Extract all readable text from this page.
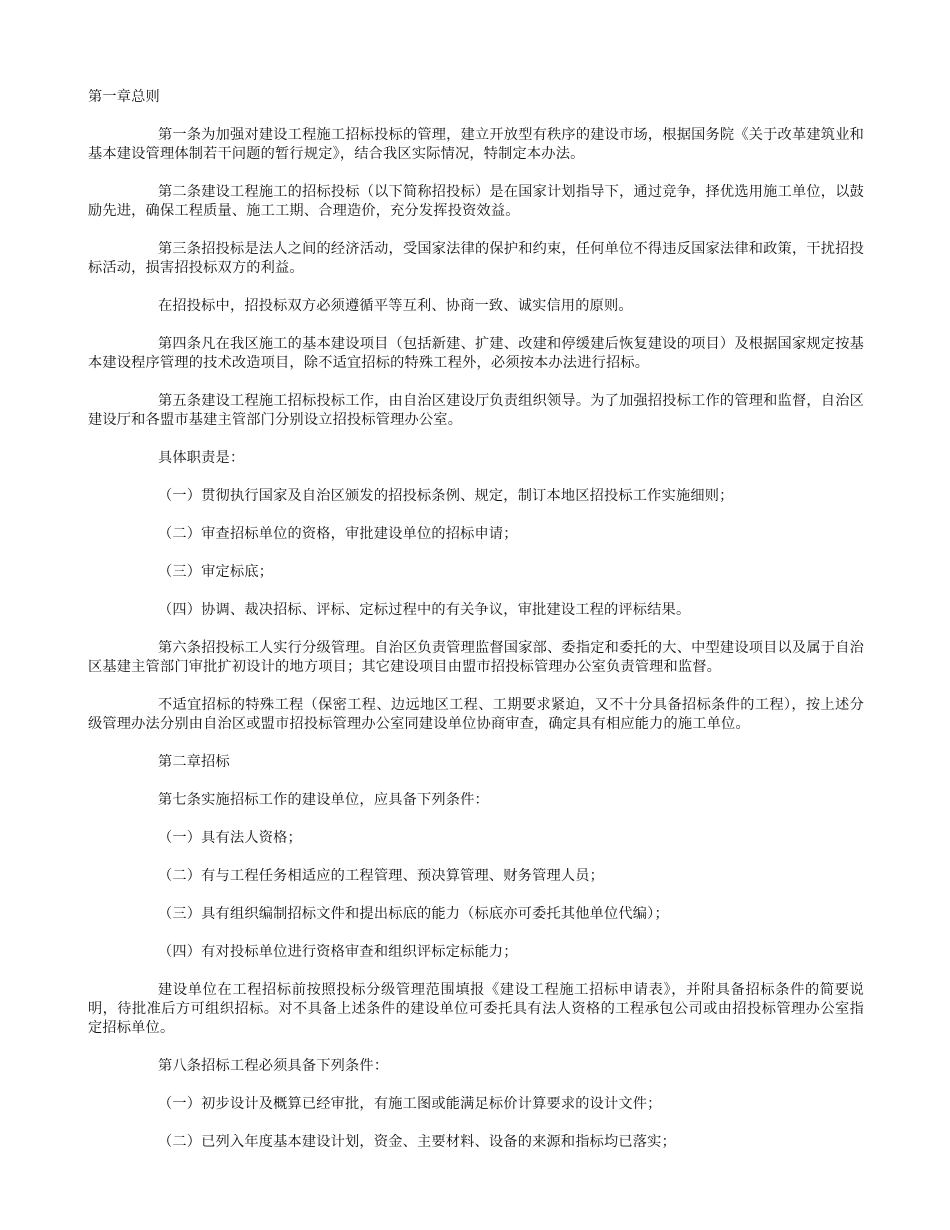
第一章总则

第一条为加强对建设工程施工招标投标的管理，建立开放型有秩序的建设市场，根据国务院《关于改革建筑业和基本建设管理体制若干问题的暂行规定》，结合我区实际情况，特制定本办法。

第二条建设工程施工的招标投标（以下简称招投标）是在国家计划指导下，通过竞争，择优选用施工单位，以鼓励先进，确保工程质量、施工工期、合理造价，充分发挥投资效益。

第三条招投标是法人之间的经济活动，受国家法律的保护和约束，任何单位不得违反国家法律和政策，干扰招投标活动，损害招投标双方的利益。

在招投标中，招投标双方必须遵循平等互利、协商一致、诚实信用的原则。

第四条凡在我区施工的基本建设项目（包括新建、扩建、改建和停缓建后恢复建设的项目）及根据国家规定按基本建设程序管理的技术改造项目，除不适宜招标的特殊工程外，必须按本办法进行招标。

第五条建设工程施工招标投标工作，由自治区建设厅负责组织领导。为了加强招投标工作的管理和监督，自治区建设厅和各盟市基建主管部门分别设立招投标管理办公室。

具体职责是：

（一）贯彻执行国家及自治区颁发的招投标条例、规定，制订本地区招投标工作实施细则；

（二）审查招标单位的资格，审批建设单位的招标申请；

（三）审定标底；

（四）协调、裁决招标、评标、定标过程中的有关争议，审批建设工程的评标结果。

第六条招投标工人实行分级管理。自治区负责管理监督国家部、委指定和委托的大、中型建设项目以及属于自治区基建主管部门审批扩初设计的地方项目；其它建设项目由盟市招投标管理办公室负责管理和监督。

不适宜招标的特殊工程（保密工程、边远地区工程、工期要求紧迫，又不十分具备招标条件的工程），按上述分级管理办法分别由自治区或盟市招投标管理办公室同建设单位协商审查，确定具有相应能力的施工单位。

第二章招标

第七条实施招标工作的建设单位，应具备下列条件：

（一）具有法人资格；

（二）有与工程任务相适应的工程管理、预决算管理、财务管理人员；

（三）具有组织编制招标文件和提出标底的能力（标底亦可委托其他单位代编）；

（四）有对投标单位进行资格审查和组织评标定标能力；

建设单位在工程招标前按照投标分级管理范围填报《建设工程施工招标申请表》，并附具备招标条件的简要说明，待批准后方可组织招标。对不具备上述条件的建设单位可委托具有法人资格的工程承包公司或由招投标管理办公室指定招标单位。

第八条招标工程必须具备下列条件：

（一）初步设计及概算已经审批，有施工图或能满足标价计算要求的设计文件；

（二）已列入年度基本建设计划，资金、主要材料、设备的来源和指标均已落实；
